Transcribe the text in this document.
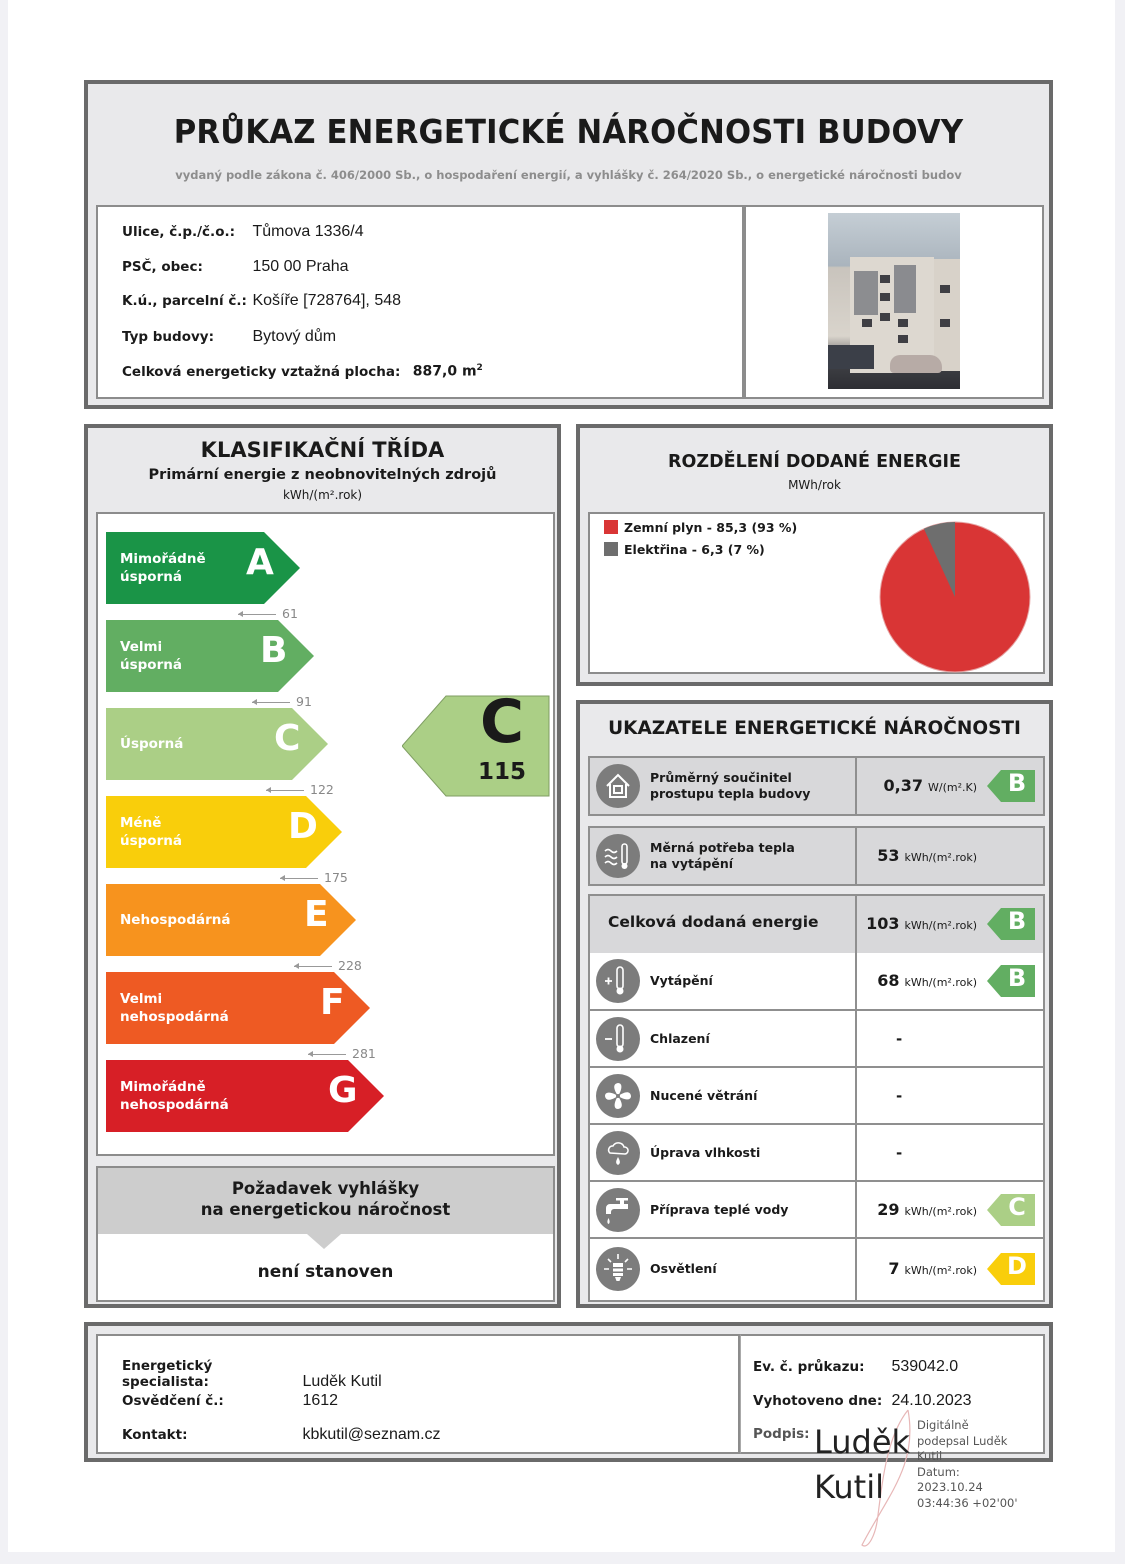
PRŮKAZ ENERGETICKÉ NÁROČNOSTI BUDOVY
vydaný podle zákona č. 406/2000 Sb., o hospodaření energií, a vyhlášky č. 264/2020 Sb., o energetické náročnosti budov
Ulice, č.p./č.o.: Tůmova 1336/4
PSČ, obec:	150 00 Praha
K.ú., parcelní č.: Košíře [728764], 548
Typ budovy: Bytový dům
Celková energeticky vztažná plocha: 887,0 $m^2$
KLASIFIKAČNÍ TŘÍDA
Primární energie z neobnovitelných zdrojů
kWh/(m².rok)
Mimořádně
úsporná	A
61
Velmi
úsporná B
91
Úsporná	C
122
Méně úsporná	D
175
Nehospodárná E
228
Velmi
nehospodárná	F
281
Mimořádně
nehospodárná	G
C
115
Požadavek vyhlášky
na energetickou náročnost
není stanoven
ROZDĚLENÍ DODANÉ ENERGIE
MWh/rok
Zemní plyn - 85,3 (93 %)
Elektřina - 6,3 (7 %)
UKAZATELE ENERGETICKÉ NÁROČNOSTI
Průměrný součinitel
prostupu tepla budovy	0,37 W/(m².K) B
Měrná potřeba tepla
na vytápění	53 kWh/(m².rok)
Celková dodaná energie	103 kWh/(m².rok) B
Vytápění	68 kWh/(m².rok) B
Chlazení	-
Nucené větrání	-
Úprava vlhkosti	-
Příprava teplé vody	29 kWh/(m².rok) C
Osvětlení	7 kWh/(m².rok) D
Energetický specialista:	Luděk Kutil
Osvědčení č.:	1612
Kontakt:	kbkutil@seznam.cz
Ev. č. průkazu: 539042.0
Vyhotoveno dne: 24.10.2023
Podpis: Luděk
Kutil
Digitálně
podepsal Luděk
Kutil
Datum:
2023.10.24
03:44:36 +02'00'
